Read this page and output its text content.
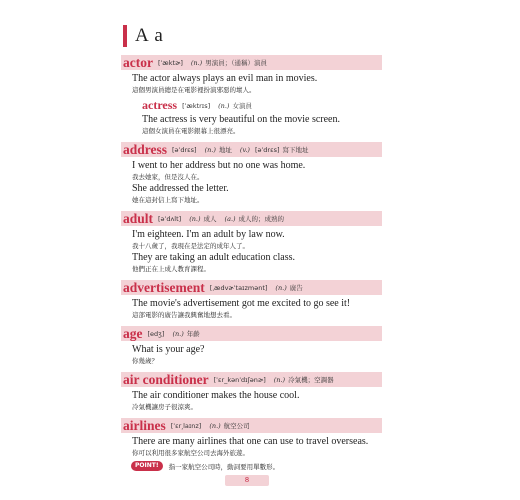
A a
actor [ˈæktɚ] (n.) 男演員；（通稱）演員
The actor always plays an evil man in movies.
這個男演員總是在電影裡扮演邪惡的壞人。
actress [ˈæktrɪs] (n.) 女演員
The actress is very beautiful on the movie screen.
這個女演員在電影銀幕上很漂亮。
address [əˈdrɛs] (n.) 地址 (v.) [əˈdrɛs] 寫下地址
I went to her address but no one was home.
我去她家，但是沒人在。
She addressed the letter.
她在這封信上寫下地址。
adult [əˈdʌlt] (n.) 成人 (a.) 成人的；成熟的
I'm eighteen. I'm an adult by law now.
我十八歲了，我現在是法定的成年人了。
They are taking an adult education class.
他們正在上成人教育課程。
advertisement [ˌædvɚˈtaɪzmənt] (n.) 廣告
The movie's advertisement got me excited to go see it!
這部電影的廣告讓我興奮地想去看。
age [edʒ] (n.) 年齡
What is your age?
你幾歲？
air conditioner [ˈɛr_kənˈdɪʃənɚ] (n.) 冷氣機；空調器
The air conditioner makes the house cool.
冷氣機讓房子很涼爽。
airlines [ˈɛr͵laɪnz] (n.) 航空公司
There are many airlines that one can use to travel overseas.
你可以利用很多家航空公司去海外旅遊。
POINT!	指一家航空公司時，動詞要用單數形。
8
